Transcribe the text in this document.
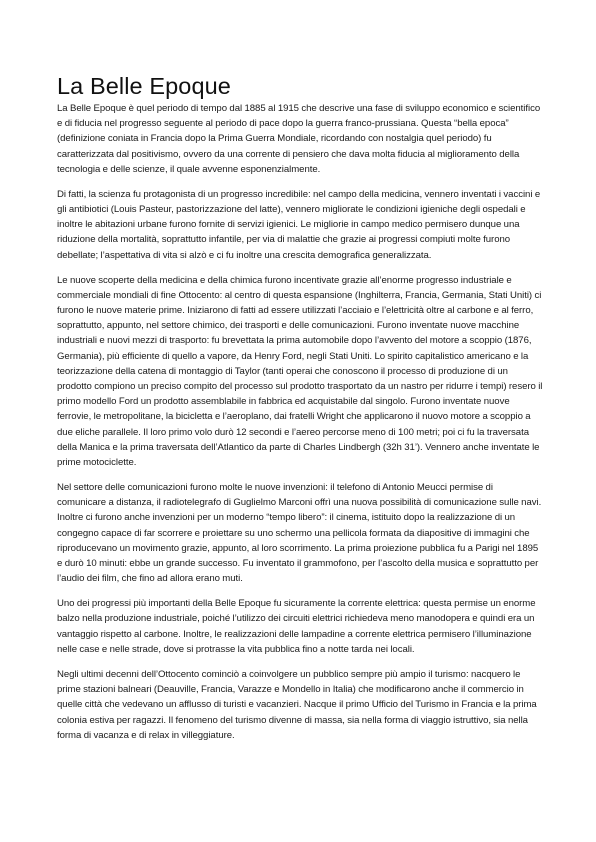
La Belle Epoque

La Belle Epoque è quel periodo di tempo dal 1885 al 1915 che descrive una fase di sviluppo economico e scientifico e di fiducia nel progresso seguente al periodo di pace dopo la guerra franco-prussiana. Questa “bella epoca” (definizione coniata in Francia dopo la Prima Guerra Mondiale, ricordando con nostalgia quel periodo) fu caratterizzata dal positivismo, ovvero da una corrente di pensiero che dava molta fiducia al miglioramento della tecnologia e delle scienze, il quale avvenne esponenzialmente.

Di fatti, la scienza fu protagonista di un progresso incredibile: nel campo della medicina, vennero inventati i vaccini e gli antibiotici (Louis Pasteur, pastorizzazione del latte), vennero migliorate le condizioni igieniche degli ospedali e inoltre le abitazioni urbane furono fornite di servizi igienici. Le migliorie in campo medico permisero dunque una riduzione della mortalità, soprattutto infantile, per via di malattie che grazie ai progressi compiuti molte furono debellate; l’aspettativa di vita si alzò e ci fu inoltre una crescita demografica generalizzata.

Le nuove scoperte della medicina e della chimica furono incentivate grazie all’enorme progresso industriale e commerciale mondiali di fine Ottocento: al centro di questa espansione (Inghilterra, Francia, Germania, Stati Uniti) ci furono le nuove materie prime. Iniziarono di fatti ad essere utilizzati l’acciaio e l’elettricità oltre al carbone e al ferro, soprattutto, appunto, nel settore chimico, dei trasporti e delle comunicazioni. Furono inventate nuove macchine industriali e nuovi mezzi di trasporto: fu brevettata la prima automobile dopo l’avvento del motore a scoppio (1876, Germania), più efficiente di quello a vapore, da Henry Ford, negli Stati Uniti. Lo spirito capitalistico americano e la teorizzazione della catena di montaggio di Taylor (tanti operai che conoscono il processo di produzione di un prodotto compiono un preciso compito del processo sul prodotto trasportato da un nastro per ridurre i tempi) resero il primo modello Ford un prodotto assemblabile in fabbrica ed acquistabile dal singolo. Furono inventate nuove ferrovie, le metropolitane, la bicicletta e l’aeroplano, dai fratelli Wright che applicarono il nuovo motore a scoppio a due eliche parallele. Il loro primo volo durò 12 secondi e l’aereo percorse meno di 100 metri; poi ci fu la traversata della Manica e la prima traversata dell’Atlantico da parte di Charles Lindbergh (32h 31’). Vennero anche inventate le prime motociclette.

Nel settore delle comunicazioni furono molte le nuove invenzioni: il telefono di Antonio Meucci permise di comunicare a distanza, il radiotelegrafo di Guglielmo Marconi offrì una nuova possibilità di comunicazione sulle navi. Inoltre ci furono anche invenzioni per un moderno “tempo libero”: il cinema, istituito dopo la realizzazione di un congegno capace di far scorrere e proiettare su uno schermo una pellicola formata da diapositive di immagini che riproducevano un movimento grazie, appunto, al loro scorrimento. La prima proiezione pubblica fu a Parigi nel 1895 e durò 10 minuti: ebbe un grande successo. Fu inventato il grammofono, per l’ascolto della musica e soprattutto per l’audio dei film, che fino ad allora erano muti.

Uno dei progressi più importanti della Belle Epoque fu sicuramente la corrente elettrica: questa permise un enorme balzo nella produzione industriale, poiché l’utilizzo dei circuiti elettrici richiedeva meno manodopera e quindi era un vantaggio rispetto al carbone. Inoltre, le realizzazioni delle lampadine a corrente elettrica permisero l’illuminazione nelle case e nelle strade, dove si protrasse la vita pubblica fino a notte tarda nei locali.

Negli ultimi decenni dell’Ottocento cominciò a coinvolgere un pubblico sempre più ampio il turismo: nacquero le prime stazioni balneari (Deauville, Francia, Varazze e Mondello in Italia) che modificarono anche il commercio in quelle città che vedevano un afflusso di turisti e vacanzieri. Nacque il primo Ufficio del Turismo in Francia e la prima colonia estiva per ragazzi. Il fenomeno del turismo divenne di massa, sia nella forma di viaggio istruttivo, sia nella forma di vacanza e di relax in villeggiature.
